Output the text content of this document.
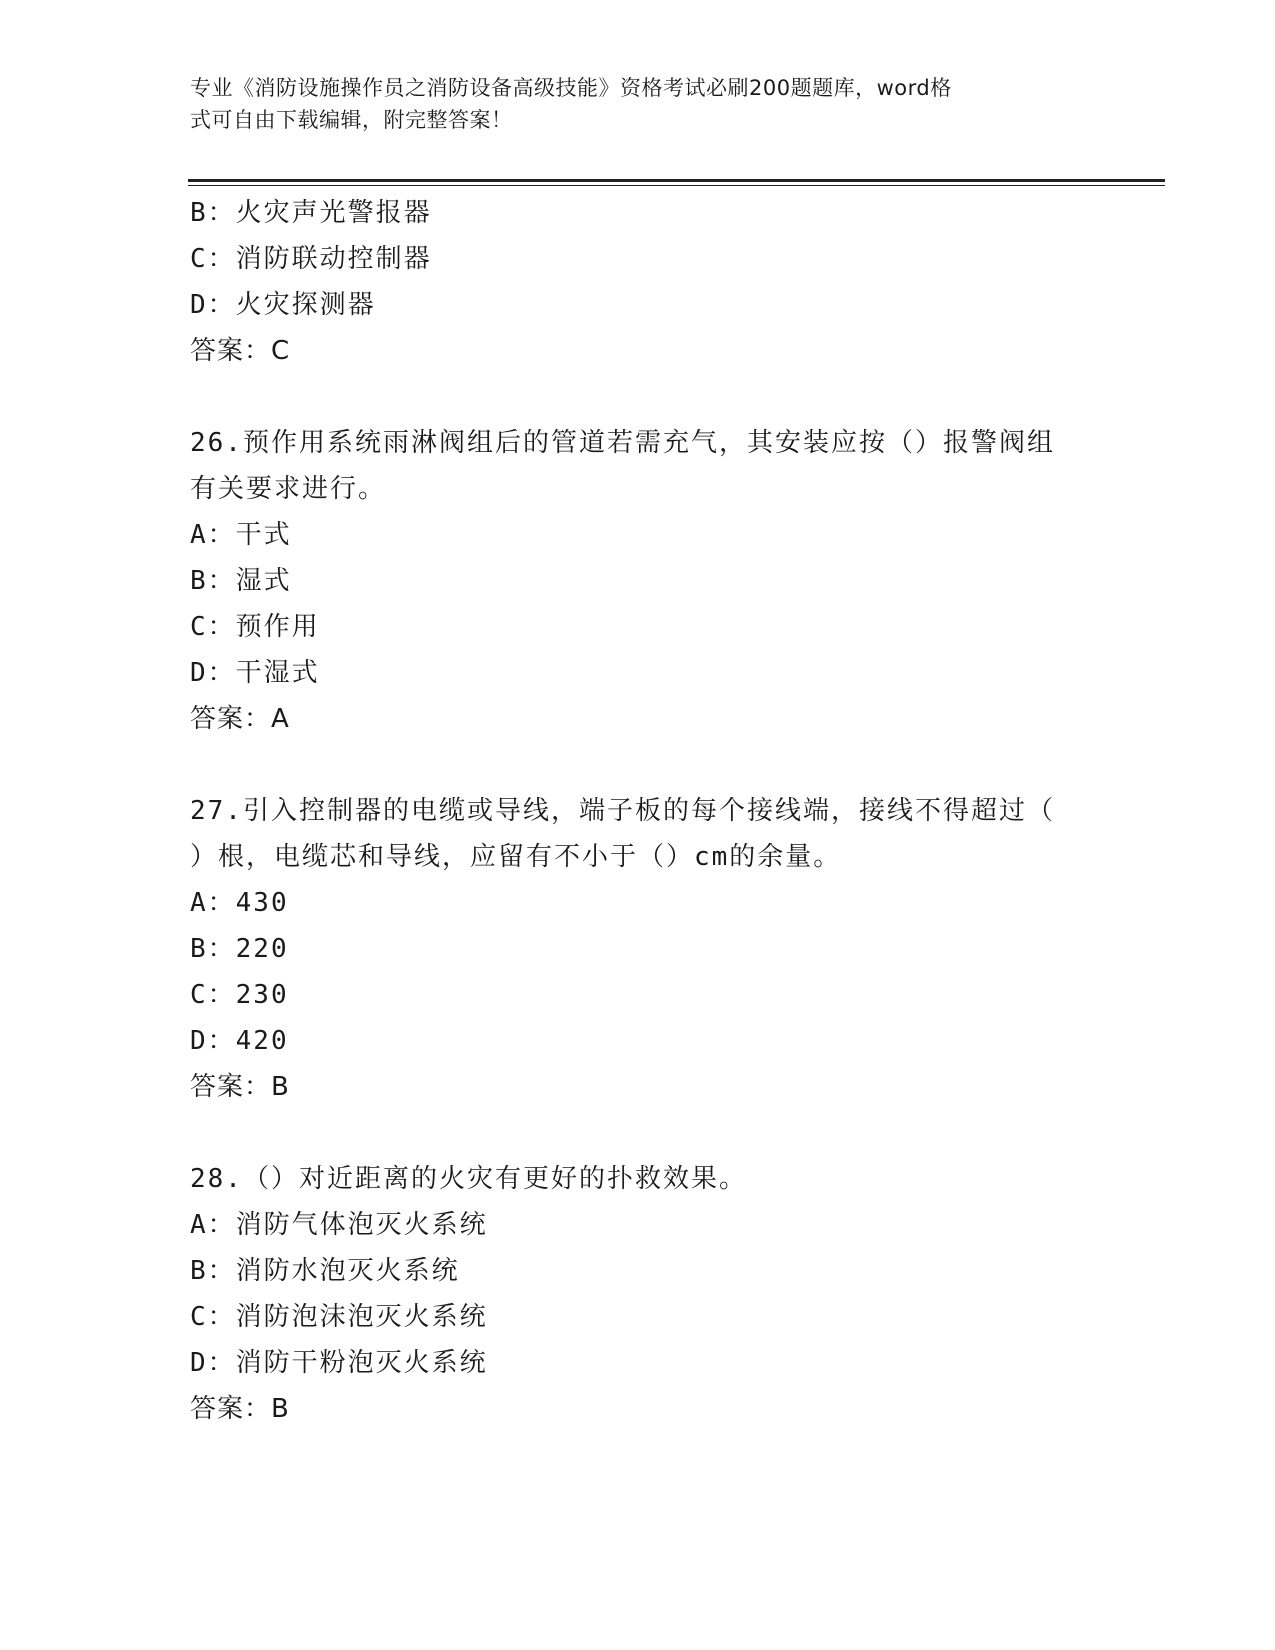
专业《消防设施操作员之消防设备高级技能》资格考试必刷200题题库，word格
式可自由下载编辑，附完整答案！
B：火灾声光警报器
C：消防联动控制器
D：火灾探测器
答案：C
26.预作用系统雨淋阀组后的管道若需充气，其安装应按（）报警阀组
有关要求进行。
A：干式
B：湿式
C：预作用
D：干湿式
答案：A
27.引入控制器的电缆或导线，端子板的每个接线端，接线不得超过（
）根，电缆芯和导线，应留有不小于（）cm的余量。
A：430
B：220
C：230
D：420
答案：B
28.（）对近距离的火灾有更好的扑救效果。
A：消防气体泡灭火系统
B：消防水泡灭火系统
C：消防泡沫泡灭火系统
D：消防干粉泡灭火系统
答案：B
